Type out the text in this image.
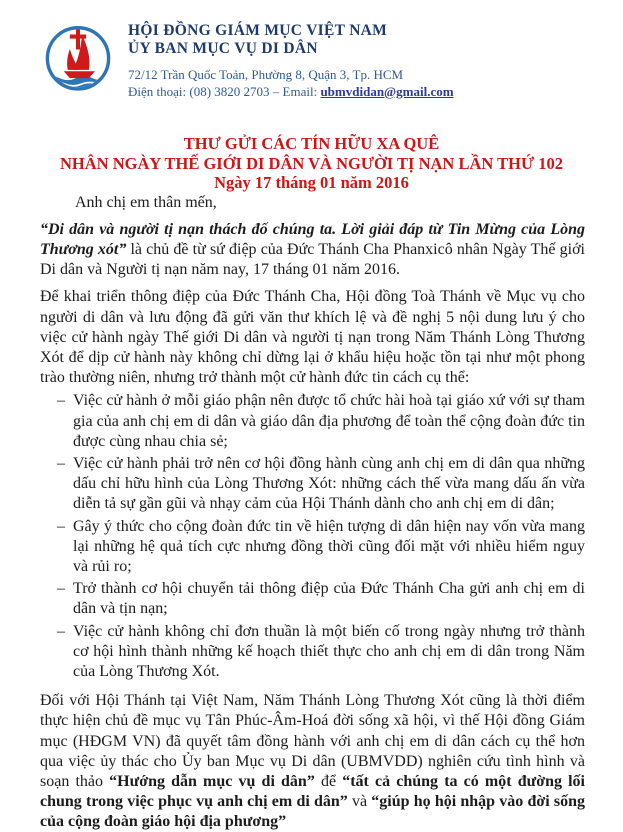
HỘI ĐỒNG GIÁM MỤC VIỆT NAM
ỦY BAN MỤC VỤ DI DÂN
72/12 Trần Quốc Toản, Phường 8, Quận 3, Tp. HCM
Điện thoại: (08) 3820 2703 – Email: ubmvdidan@gmail.com
THƯ GỬI CÁC TÍN HỮU XA QUÊ
NHÂN NGÀY THẾ GIỚI DI DÂN VÀ NGƯỜI TỊ NẠN LẦN THỨ 102
Ngày 17 tháng 01 năm 2016

Anh chị em thân mến,

“Di dân và người tị nạn thách đố chúng ta. Lời giải đáp từ Tin Mừng của Lòng Thương xót” là chủ đề từ sứ điệp của Đức Thánh Cha Phanxicô nhân Ngày Thế giới Di dân và Người tị nạn năm nay, 17 tháng 01 năm 2016.

Để khai triển thông điệp của Đức Thánh Cha, Hội đồng Toà Thánh về Mục vụ cho người di dân và lưu động đã gửi văn thư khích lệ và đề nghị 5 nội dung lưu ý cho việc cử hành ngày Thế giới Di dân và người tị nạn trong Năm Thánh Lòng Thương Xót để dịp cử hành này không chỉ dừng lại ở khẩu hiệu hoặc tồn tại như một phong trào thường niên, nhưng trở thành một cử hành đức tin cách cụ thể:

– Việc cử hành ở mỗi giáo phận nên được tổ chức hài hoà tại giáo xứ với sự tham gia của anh chị em di dân và giáo dân địa phương để toàn thể cộng đoàn đức tin được cùng nhau chia sẻ;
– Việc cử hành phải trở nên cơ hội đồng hành cùng anh chị em di dân qua những dấu chỉ hữu hình của Lòng Thương Xót: những cách thế vừa mang dấu ấn vừa diễn tả sự gần gũi và nhạy cảm của Hội Thánh dành cho anh chị em di dân;
– Gây ý thức cho cộng đoàn đức tin về hiện tượng di dân hiện nay vốn vừa mang lại những hệ quả tích cực nhưng đồng thời cũng đối mặt với nhiều hiểm nguy và rủi ro;
– Trở thành cơ hội chuyển tải thông điệp của Đức Thánh Cha gửi anh chị em di dân và tịn nạn;
– Việc cử hành không chỉ đơn thuần là một biến cố trong ngày nhưng trở thành cơ hội hình thành những kế hoạch thiết thực cho anh chị em di dân trong Năm của Lòng Thương Xót.

Đối với Hội Thánh tại Việt Nam, Năm Thánh Lòng Thương Xót cũng là thời điểm thực hiện chủ đề mục vụ Tân Phúc-Âm-Hoá đời sống xã hội, vì thế Hội đồng Giám mục (HĐGM VN) đã quyết tâm đồng hành với anh chị em di dân cách cụ thể hơn qua việc ủy thác cho Ủy ban Mục vụ Di dân (UBMVDD) nghiên cứu tình hình và soạn thảo “Hướng dẫn mục vụ di dân” để “tất cả chúng ta có một đường lối chung trong việc phục vụ anh chị em di dân” và “giúp họ hội nhập vào đời sống của cộng đoàn giáo hội địa phương”
